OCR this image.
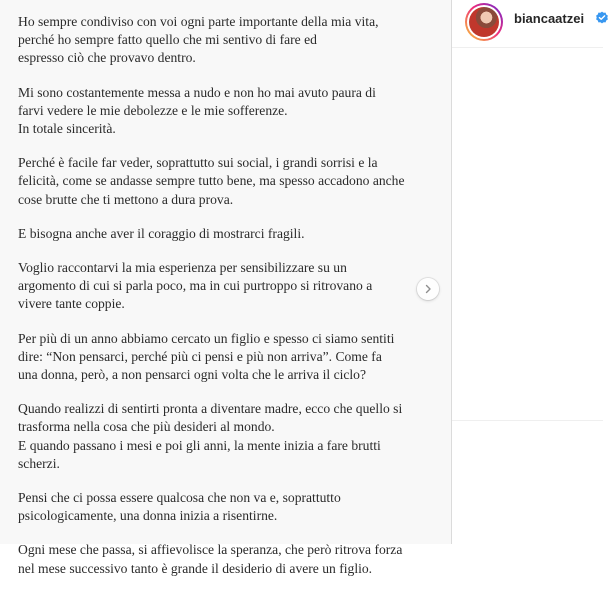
Ho sempre condiviso con voi ogni parte importante della mia vita,
perché ho sempre fatto quello che mi sentivo di fare ed
espresso ciò che provavo dentro.

Mi sono costantemente messa a nudo e non ho mai avuto paura di
farvi vedere le mie debolezze e le mie sofferenze.
In totale sincerità.

Perché è facile far veder, soprattutto sui social, i grandi sorrisi e la
felicità, come se andasse sempre tutto bene, ma spesso accadono anche
cose brutte che ti mettono a dura prova.

E bisogna anche aver il coraggio di mostrarci fragili.

Voglio raccontarvi la mia esperienza per sensibilizzare su un
argomento di cui si parla poco, ma in cui purtroppo si ritrovano a
vivere tante coppie.

Per più di un anno abbiamo cercato un figlio e spesso ci siamo sentiti
dire: “Non pensarci, perché più ci pensi e più non arriva”. Come fa
una donna, però, a non pensarci ogni volta che le arriva il ciclo?

Quando realizzi di sentirti pronta a diventare madre, ecco che quello si
trasforma nella cosa che più desideri al mondo.
E quando passano i mesi e poi gli anni, la mente inizia a fare brutti
scherzi.

Pensi che ci possa essere qualcosa che non va e, soprattutto
psicologicamente, una donna inizia a risentirne.

Ogni mese che passa, si affievolisce la speranza, che però ritrova forza
nel mese successivo tanto è grande il desiderio di avere un figlio.

biancaatzei
